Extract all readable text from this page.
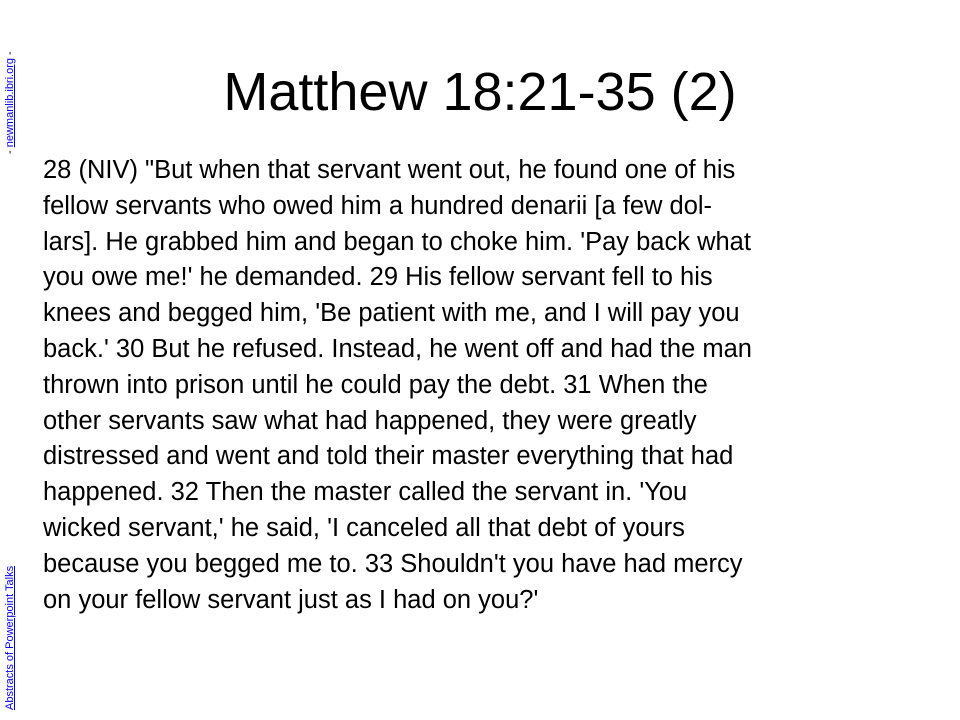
- newmanlib.ibri.org -
Abstracts of Powerpoint Talks
Matthew 18:21-35 (2)
28 (NIV) "But when that servant went out, he found one of his
fellow servants who owed him a hundred denarii [a few dol-
lars]. He grabbed him and began to choke him. 'Pay back what
you owe me!' he demanded. 29 His fellow servant fell to his
knees and begged him, 'Be patient with me, and I will pay you
back.' 30 But he refused. Instead, he went off and had the man
thrown into prison until he could pay the debt. 31 When the
other servants saw what had happened, they were greatly
distressed and went and told their master everything that had
happened. 32 Then the master called the servant in. 'You
wicked servant,' he said, 'I canceled all that debt of yours
because you begged me to. 33 Shouldn't you have had mercy
on your fellow servant just as I had on you?'
